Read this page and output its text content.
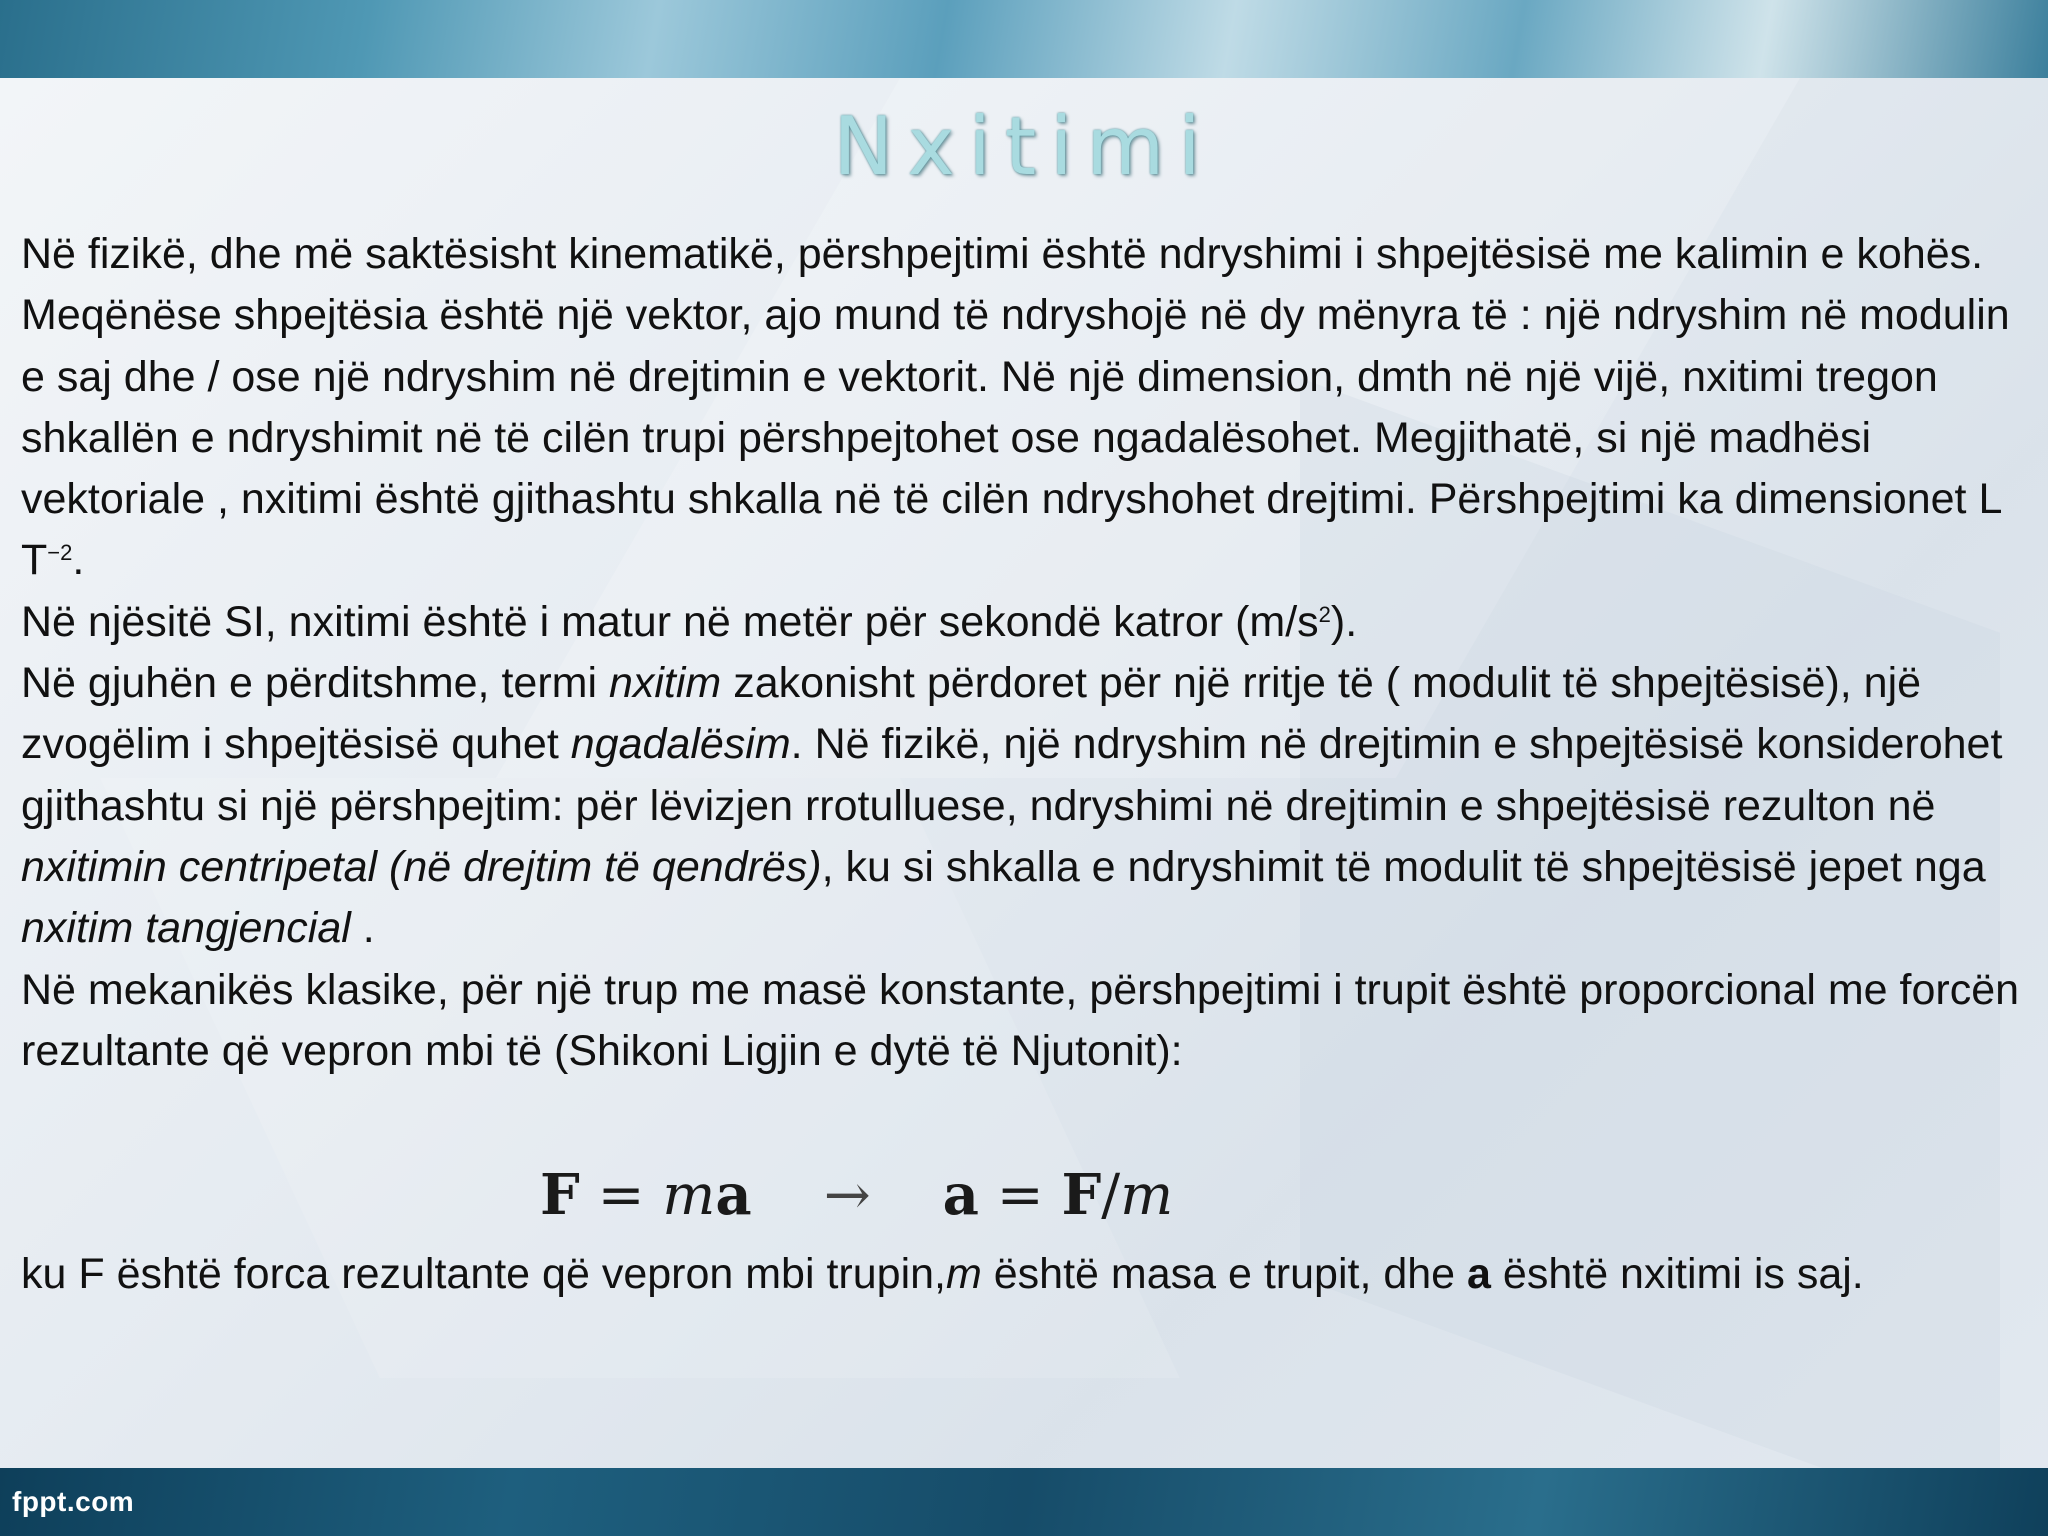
Nxitimi

Në fizikë, dhe më saktësisht kinematikë, përshpejtimi është ndryshimi i shpejtësisë me kalimin e kohës. Meqënëse shpejtësia është një vektor, ajo mund të ndryshojë në dy mënyra të : një ndryshim në modulin e saj dhe / ose një ndryshim në drejtimin e vektorit. Në një dimension, dmth në një vijë, nxitimi tregon shkallën e ndryshimit në të cilën trupi përshpejtohet ose ngadalësohet. Megjithatë, si një madhësi vektoriale , nxitimi është gjithashtu shkalla në të cilën ndryshohet drejtimi. Përshpejtimi ka dimensionet L $T^{-2}$.

Në njësitë SI, nxitimi është i matur në metër për sekondë katror $(m/s^2)$.

Në gjuhën e përditshme, termi nxitim zakonisht përdoret për një rritje të ( modulit të shpejtësisë), një zvogëlim i shpejtësisë quhet ngadalësim. Në fizikë, një ndryshim në drejtimin e shpejtësisë konsiderohet gjithashtu si një përshpejtim: për lëvizjen rrotulluese, ndryshimi në drejtimin e shpejtësisë rezulton në nxitimin centripetal (në drejtim të qendrës), ku si shkalla e ndryshimit të modulit të shpejtësisë jepet nga nxitim tangjencial .

Në mekanikës klasike, për një trup me masë konstante, përshpejtimi i trupit është proporcional me forcën rezultante që vepron mbi të (Shikoni Ligjin e dytë të Njutonit):

F = ma → a = F/m

ku F është forca rezultante që vepron mbi trupin,m është masa e trupit, dhe a është nxitimi is saj.

fppt.com
